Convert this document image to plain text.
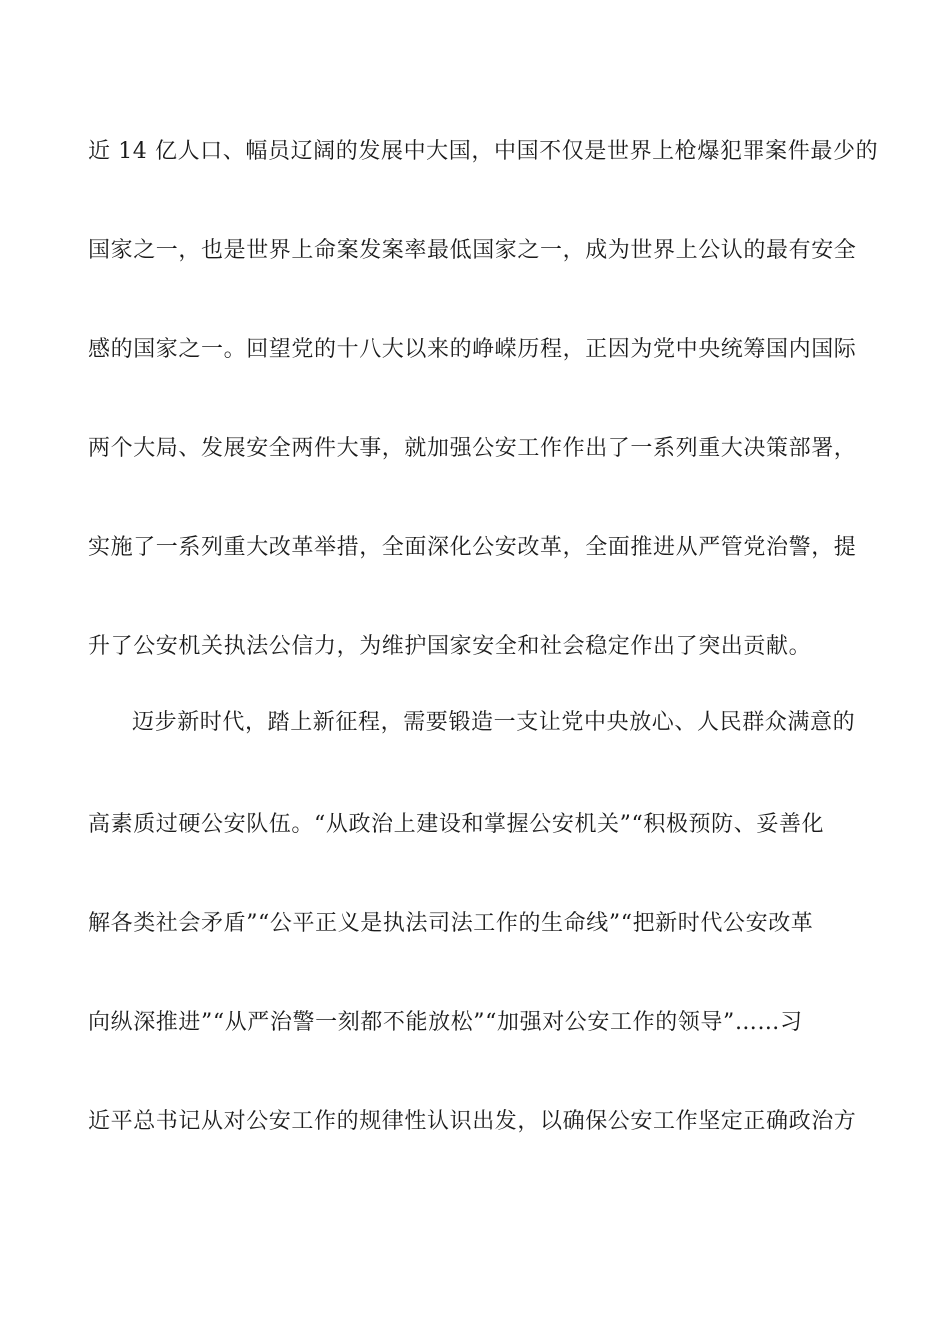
近 14 亿人口、幅员辽阔的发展中大国，中国不仅是世界上枪爆犯罪案件最少的
国家之一，也是世界上命案发案率最低国家之一，成为世界上公认的最有安全
感的国家之一。回望党的十八大以来的峥嵘历程，正因为党中央统筹国内国际
两个大局、发展安全两件大事，就加强公安工作作出了一系列重大决策部署，
实施了一系列重大改革举措，全面深化公安改革，全面推进从严管党治警，提
升了公安机关执法公信力，为维护国家安全和社会稳定作出了突出贡献。
迈步新时代，踏上新征程，需要锻造一支让党中央放心、人民群众满意的
高素质过硬公安队伍。“从政治上建设和掌握公安机关”“积极预防、妥善化
解各类社会矛盾”“公平正义是执法司法工作的生命线”“把新时代公安改革
向纵深推进”“从严治警一刻都不能放松”“加强对公安工作的领导”……习
近平总书记从对公安工作的规律性认识出发，以确保公安工作坚定正确政治方
